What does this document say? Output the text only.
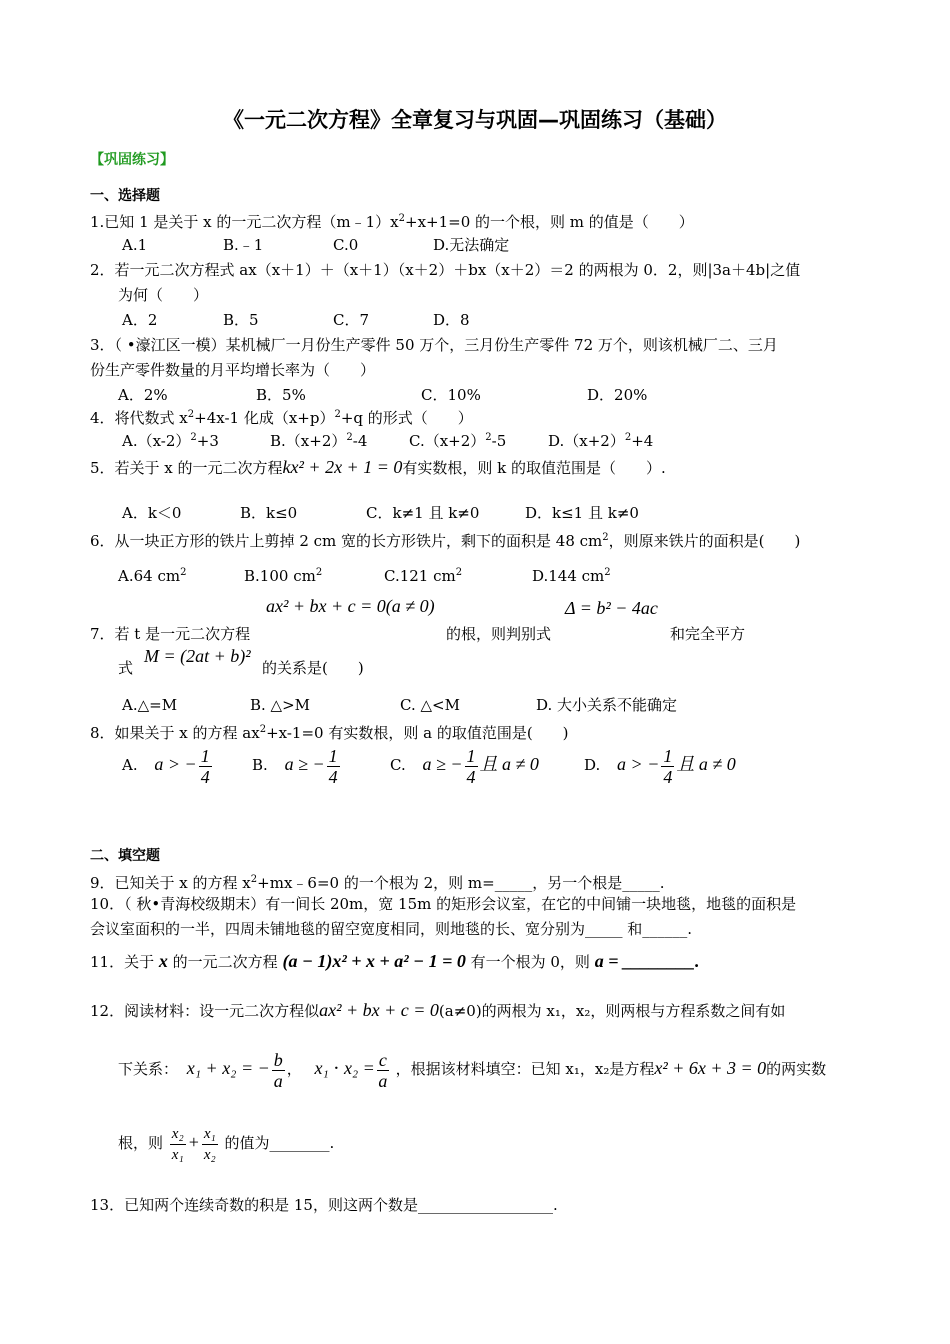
《一元二次方程》全章复习与巩固—巩固练习（基础）
【巩固练习】
一、选择题
1.已知 1 是关于 x 的一元二次方程$(m﹣1)x^2+x+1=0$ 的一个根，则 m 的值是（　　）
A.1	B.﹣1	C.0	D.无法确定
2．若一元二次方程式 ax（x＋1）＋（x＋1）（x＋2）＋bx（x＋2）＝2 的两根为 0．2，则|3a＋4b|之值
为何（　　）
A．2	B．5	C．7	D．8
3．（ •濠江区一模）某机械厂一月份生产零件 50 万个，三月份生产零件 72 万个，则该机械厂二、三月
份生产零件数量的月平均增长率为（　　）
A．2%	B．5%	C．10%	D．20%
4．将代数式 $x^2+4x-1$ 化成$(x+p)^2+q$ 的形式（　　）
$A.(x-2)^2+3$	$B.(x+2)^2-4$	$C.(x+2)^2-5$	$D.(x+2)^2+4$
5．若关于 x 的一元二次方程kx² + 2x + 1 = 0有实数根，则 k 的取值范围是（　　）.
A．k＜0	B．k≤0	C．k≠1 且 k≠0	D．k≤1 且 k≠0
6．从一块正方形的铁片上剪掉 2 cm 宽的长方形铁片，剩下的面积是 48 $cm^2$，则原来铁片的面积是(　　)
A.64 $cm^2$	B.100 $cm^2$	C.121 $cm^2$	D.144 $cm^2$
ax² + bx + c = 0(a ≠ 0)	Δ = b² − 4ac
7．若 t 是一元二次方程	的根，则判别式	和完全平方
式
M = (2at + b)²
的关系是(　　)
A.△=M	B. △>M	C. △<M	D. 大小关系不能确定
8．如果关于 x 的方程 $ax^2+x-1=0$ 有实数根，则 a 的取值范围是(　　)
A. a > − $\frac{1}{4}$	B. a ≥ − $\frac{1}{4}$	C. a ≥ − $\frac{1}{4}$ 且 a ≠ 0	D. a > − $\frac{1}{4}$ 且 a ≠ 0
二、填空题
9．已知关于 x 的方程 $x^2+mx﹣6=0$ 的一个根为 2，则 m=_____，另一个根是_____.
10．（ 秋•青海校级期末）有一间长 20m，宽 15m 的矩形会议室，在它的中间铺一块地毯，地毯的面积是
会议室面积的一半，四周未铺地毯的留空宽度相同，则地毯的长、宽分别为_____ 和______.
11．关于 x 的一元二次方程 (a − 1)x² + x + a² − 1 = 0 有一个根为 0，则 a = ________.
12．阅读材料：设一元二次方程似ax² + bx + c = 0(a≠0)的两根为 x₁，x₂，则两根与方程系数之间有如
下关系： x₁ + x₂ = − $\frac{b}{a}$ ， $x_1 \cdot x_2 = \frac{c}{a}$ ，根据该材料填空：已知 x₁，x₂是方程x² + 6x + 3 = 0的两实数
根，则 $\frac{\text{x₂}}{\text{x₁}} + \frac{\text{x₁}}{\text{x₂}}$ 的值为________.
13．已知两个连续奇数的积是 15，则这两个数是__________________.
